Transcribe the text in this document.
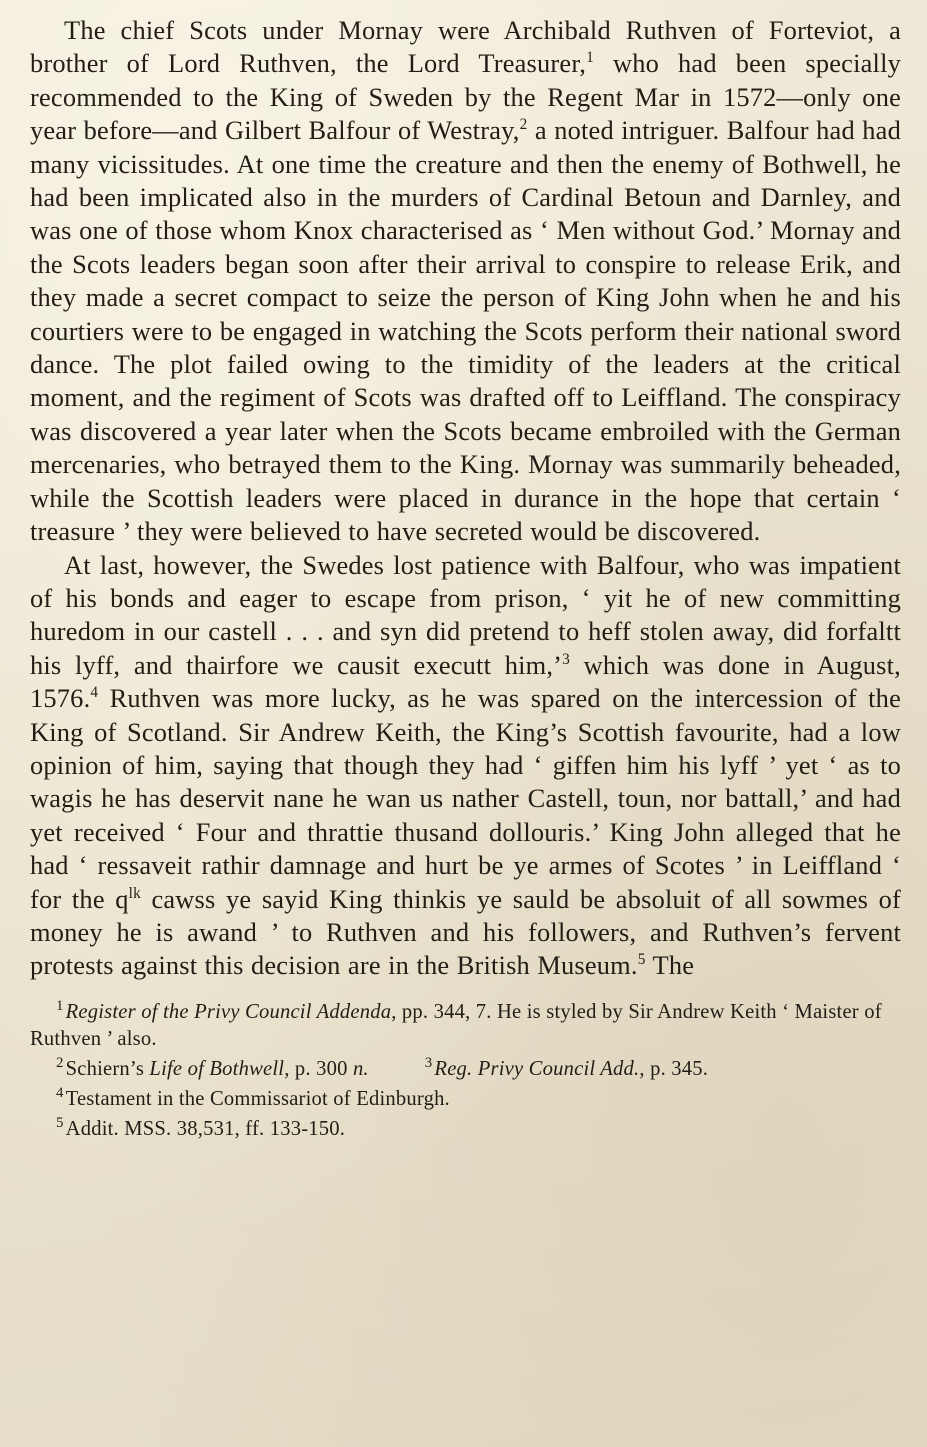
The chief Scots under Mornay were Archibald Ruthven of Forteviot, a brother of Lord Ruthven, the Lord Treasurer,$^1$ who had been specially recommended to the King of Sweden by the Regent Mar in 1572—only one year before—and Gilbert Balfour of Westray,$^2$ a noted intriguer. Balfour had had many vicissitudes. At one time the creature and then the enemy of Bothwell, he had been implicated also in the murders of Cardinal Betoun and Darnley, and was one of those whom Knox characterised as ‘ Men without God.’ Mornay and the Scots leaders began soon after their arrival to conspire to release Erik, and they made a secret compact to seize the person of King John when he and his courtiers were to be engaged in watching the Scots perform their national sword dance. The plot failed owing to the timidity of the leaders at the critical moment, and the regiment of Scots was drafted off to Leiffland. The conspiracy was discovered a year later when the Scots became embroiled with the German mercenaries, who betrayed them to the King. Mornay was summarily beheaded, while the Scottish leaders were placed in durance in the hope that certain ‘ treasure ’ they were believed to have secreted would be discovered.

At last, however, the Swedes lost patience with Balfour, who was impatient of his bonds and eager to escape from prison, ‘ yit he of new committing huredom in our castell . . . and syn did pretend to heff stolen away, did forfaltt his lyff, and thairfore we causit executt him,’$^3$ which was done in August, 1576.$^4$ Ruthven was more lucky, as he was spared on the intercession of the King of Scotland. Sir Andrew Keith, the King’s Scottish favourite, had a low opinion of him, saying that though they had ‘ giffen him his lyff ’ yet ‘ as to wagis he has deservit nane he wan us nather Castell, toun, nor battall,’ and had yet received ‘ Four and thrattie thusand dollouris.’ King John alleged that he had ‘ ressaveit rathir damnage and hurt be ye armes of Scotes ’ in Leiffland ‘ for the $q^{lk}$ cawss ye sayid King thinkis ye sauld be absoluit of all sowmes of money he is awand ’ to Ruthven and his followers, and Ruthven’s fervent protests against this decision are in the British Museum.$^5$ The

$^1$Register of the Privy Council Addenda, pp. 344, 7. He is styled by Sir Andrew Keith ‘ Maister of Ruthven ’ also.

$^2$Schiern’s Life of Bothwell, p. 300 n.	$^3$Reg. Privy Council Add., p. 345.

$^4$Testament in the Commissariot of Edinburgh.

$^5$Addit. MSS. 38,531, ff. 133-150.
